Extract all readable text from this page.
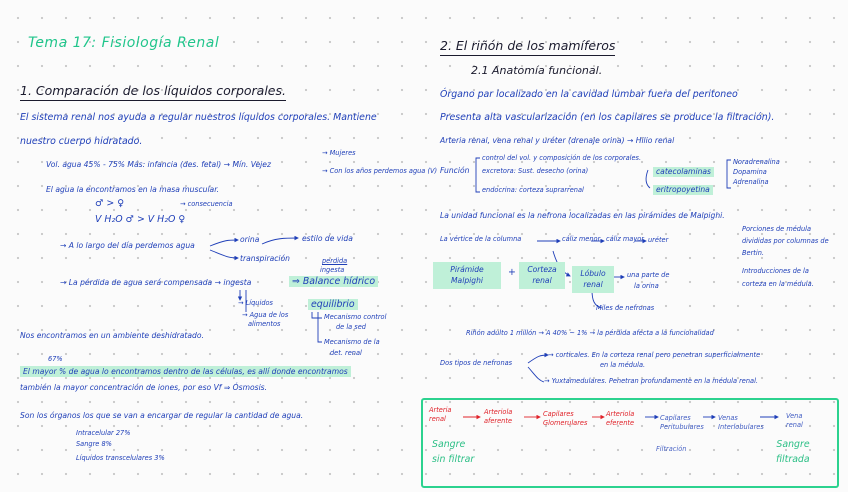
Tema 17: Fisiología Renal
1. Comparación de los líquidos corporales.
El sistema renal nos ayuda a regular nuestros líquidos corporales. Mantiene
nuestro cuerpo hidratado.
Vol. agua 45% - 75% Más: infancia (des. fetal) → Mín. Vejez
→ Mujeres
→ Con los años perdemos agua (V)
El agua la encontramos en la masa muscular.
♂ > ♀	→ consecuencia
V H₂O ♂ > V H₂O ♀
→ A lo largo del día perdemos agua
orina
transpiración
estilo de vida
perdida
ingesta
→ La pérdida de agua será compensada → ingesta	⇒ Balance hídrico
→ Líquidos
→ Agua de los
alimentos
equilibrio
Mecanismo control
de la sed
Mecanismo de la
det. renal
Nos encontramos en un ambiente deshidratado.
67%
El mayor % de agua lo encontramos dentro de las células, es allí donde encontramos
también la mayor concentración de iones, por eso Vf ⇒ Ósmosis.
Son los órganos los que se van a encargar de regular la cantidad de agua.
Intracelular 27%
Sangre 8%
Líquidos transcelulares 3%
2. El riñón de los mamíferos
2.1 Anatomía funcional.
Órgano par localizado en la cavidad lumbar fuera del peritoneo
Presenta alta vascularización (en los capilares se produce la filtración).
Arteria renal, vena renal y uréter (drenaje orina) → Hilio renal
Función
control del vol. y composición de los corporales.
excretora: Sust. desecho (orina)	catecolaminas
Noradrenalina
Dopamina
Adrenalina
endocrina: corteza suprarrenal	eritropoyetina
La unidad funcional es la nefrona localizadas en las pirámides de Malpighi.
La vértice de la columna	cáliz menor cáliz mayor uréter
Pirámide
Malpighi
+	Corteza
renal
Lóbulo
renal
una parte de
la orina
Miles de nefronas
Porciones de médula
divididas por columnas de
Bertin.
Introducciones de la
corteza en la médula.
Riñón adulto 1 millón → A 40% ~ 1% → la pérdida afecta a la funcionalidad
Dos tipos de nefronas
→ corticales. En la corteza renal pero penetran superficialmente
en la médula.
→ Yuxtamedulares. Penetran profundamente en la médula renal.
Arteria
renal
Arteriola
aferente
Capilares
Glomerulares
Arteriola
eferente
Capilares
Peritubulares
Venas
Interlobulares
Vena
renal
Sangre
sin filtrar
Filtración	Sangre
filtrada
